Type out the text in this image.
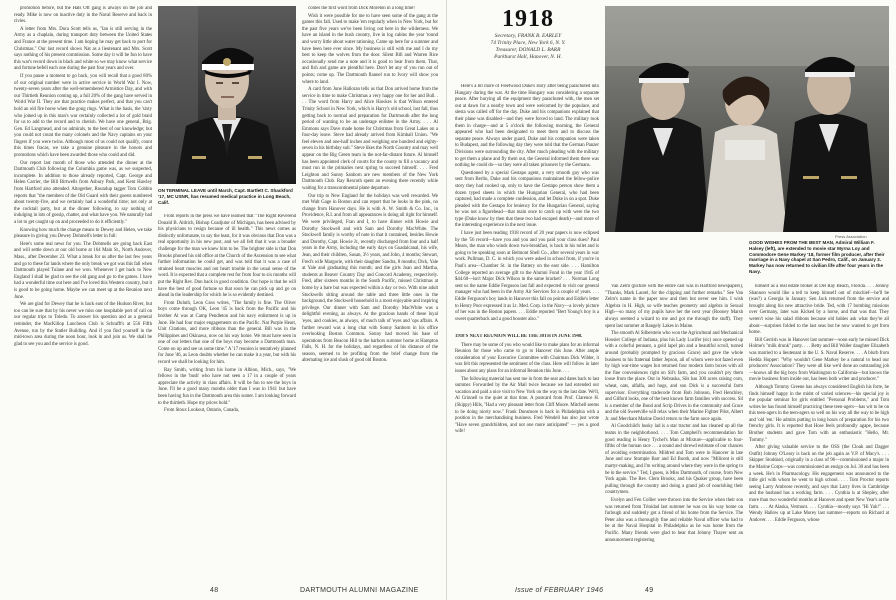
promotion before, but the Hats Off gang is always on the job and ready. Mike is now on inactive duty in the Naval Reserve and back in civies.

A letter from Mrs. Dora Scott tells us, "Ian is still serving in the Army as a chaplain, during transport duty between the United States and France at the present time. I am hoping he may get back to port for Christmas." Our last record shows Nat as a lieutenant and Mrs. Scott says nothing of his present commission. Some day it will be fun to have this war's record down in black and white so we may know what service and fortune befell each one during the past four years and over.

If you pause a moment to go back, you will recall that a good 80% of our original number were in active service in World War I. Now, twenty-seven years after the well-remembered Armistice Day, and with our Thirtieth Reunion coming up, a full 20% of the gang have served in World War II. They are that practice makes perfect, and that you can't hold an old fire horse when the gong rings. What is the basis, the 'sixty who joined up in this man's war certainly collected a lot of gold braid for us to add to the record and to cherish. We have one general, Brig. Gen. Ed Langmead, and no admirals, to the best of our knowledge; but you could not count the many colonels and the Navy captains on your fingers if you were twins. Although most of us could not qualify, count this times fracas, we take a genuine pleasure in the honors and promotions which have been awarded those who could and did.

Our report last month of those who attended the dinner at the Dartmouth Club following the Columbia game was, as we suspected, incomplete. In addition to those already reported, Capt. George and Helen Carrier, the Bill Birtwells from Asbury Park, and Kent Hawley from Hartford also attended. Altogether, Roundup tagger Tom Cobbin reports that "the members of the Old Guard with their guests numbered about twenty-five, and we certainly had a wonderful time; not only at the cocktail party, but at the dinner following, to say nothing of indulging in lots of gossip, chatter, and what have you. We naturally had a lot to get caught up on and proceeded to do it efficiently."

Knowing how much the change means to Dewey and Helen, we take pleasure in giving you Dewey Dohmell's letter in full:

Here's some real news for you. The Dohmells are going back East and will settle down at our old home at 164 Main St., North Andover, Mass., after December 23. What a break for us after the last few years and go to these far lands where the only break we got was this fall when Dartmouth played Tulane and we won. Whenever I get back to New England I shall be glad to see the old gang and go to the games. I have had a wonderful time out here and I've loved this Western country, but it is good to be going home. Maybe we can meet up at the Reunion next June.

We are glad for Dewey that he is back east of the Hudson River, but too can be sure that by his never we miss one hospitable port of call on our regular trips to Toledo. To answer his question and as a general reminder, the MacKillop Luncheon Club is Schrafft's at 556 Fifth Avenue, run by the Statler Building. And if you find yourself in the mid-town area during the noon hour, look in and join us. We shall be glad to see you and the service is good.

ON TERMINAL LEAVE until March, Capt. Bartlett C. Shackford '17, MC USNR, has resumed medical practice in Long Beach, Calif.

From reports in the press we have learned that "The Right Reverend Donald B. Aldrich, Bishop Coadjutor of Michigan, has been advised by his physicians to resign because of ill health." This news comes as distinctly unfortunate, to say the least, for it was obvious that Don was a real opportunity in his new post, and we all felt that it was a broader challenge for the man we knew him to be. The brighter side is that Don Brooks phoned his old office at the Church of the Ascension to see what further information he could get, and was told that it was a case of strained heart muscles and not heart trouble in the usual sense of the word. It is expected that a complete rest for from four to six months will put the Right Rev. Don back in good condition. Our hope is that he will have the best of good fortune so that soon he can pick up and go on ahead in the leadership for which he is so evidently destined.

From Duluth, Leon Goss writes, "The family is fine. The Oliver boys come through OK, Leon '45 is back from the Pacific and his brother Al was at Camp Pendleton and his navy enlistment is up in June. He had four major engagements on the Pacific. Nat Purple Heart, Unit Citations, and more ribbons than the general. Bill was in the Philippines and Okinawa, now on his way home. We must have seen in one of our letters that one of the boys may become a Dartmouth man. Come on up and see us some time." A '17 reunion is tentatively planned for June '46, as Leon doubts whether he can make it a year, but with his record we shall be looking for him.

Ray Smith, writing from his home in Albion, Mich., says, "We fellows in the 'bush' who have not seen a 17 in a couple of years appreciate the activity in class affairs. It will be fun to see the boys in June. I'll be a good many months older than I was in 1941 but have been having fun in the Dartmouth area this sumer. I am looking forward to the thirtieth. Hope my prices hold."

From Stoux Lookout, Ontario, Canada,

comes the first word from Dick Moreton in a long time!

Wish it were possible for me to have seen some of the gang at the games this fall. Used to make 'em regularly when in New York, but for the past five years we've been living out here in the wilderness. We have an island in the bush country, live in log cabins the year 'round and worry little about water rationing. Came up here for a summer and have been here ever since. My business is still with me and I do my best to keep the wolves from the door. Silent Bill and Warren Rice occasionally send me a note and it is good to hear from them. That, and fish and game are plentiful here. Don't let any of you run out of points; come up. The Dartmouth flannel run to Ivory will show you where to land.

A card from June Halloran tells us that Don arrived home from the service in time to make Christmas a very happy one for her and Bull. . . . The word from Harry and Alice Hawkes is that Wilson entered Trinity School in New York, which is Harry's old school, last fall, thus getting back to normal and preparation for Dartmouth after the long period of wanting to be an underage enlistee in the Army. . . . Al Emmons says Dave made home for Christmas from Great Lakes on a four-day leave. Steve had already arrived from Kimball Union. "We feel eleven and one-half inches and weighing one hundred and eighty-seven in his birthday suit." Steve likes the North Country and may well appear on the Big Green team in the not-far-distant future. Al himself has been appointed clerk of courts for the county to fill a vacancy and must run in the primaries next spring to succeed himself. . . . Fred Leighton and Sunny Sanborn are new members of the New York Dartmouth Club. Ray Rexroth spent an evening there recently while waiting for a transcontinental plane departure.

Our trip to New England for the holidays was well rewarded. We met Walt Gage in Boston and can report that he looks in the pink, no change from Hanover days. He is with A. W. Smith & Co. Inc., in Providence, R.I. and from all appearances is doing all right for himself. We were privileged, Fran and I, to have dinner with Howie and Dorothy Stockwell and with Sam and Dorothy MacWhite. The Stockwell family is worthy of note in that it contained, besides Howie and Dorothy, Capt. Howie Jr., recently discharged from four and a half years in the Army, including the early days on Guadalcanal, his wife, Jean, and their children, Susan, 3½ years, and John, 4 months; Stewart, Fred's wife Margorie, with their daughter Sandra, 8 months; Dick, Yale at Yale and graduating this month; and the girls Joan and Martha, students at Beaver Country Day and Concord Academy, respectively. Fred, after sixteen months in the South Pacific, missed Christmas at home by a bare but was expected within a day or two. With nine adult Stockwells sitting around the table and three little ones in the background, the Stockwell household is a most enjoyable and inspiring privilege. Our dinner with Sam and Dorothy MacWhite was a delightful evening, as always. At the gracious hands of these loyal 'eyes, and cookies, as always, of much talk of 'eyes and 'ops affairs. A further reward was a long chat with Sonny Sanborn in his office overlooking Boston Common. Sonny had moved his base of operations from Beacon Hill to the harbors summer home at Hampton Falls, N. H. for the holidays, and regardless of his distance of the season, seemed to be profiting from the brief change from the alternating ice and slush of good old Boston.

48	DARTMOUTH ALUMNI MAGAZINE
1918
Secretary, FRANK B. EARLEY
74 Trinity Place, New York 6, N. Y.
Treasurer, DONALD L. BARR
Parkhurst Hall, Hanover, N. H.

Here's a bit more of Fleetwood Duke's story after being parachuted into Hungary during the war. At the time Hungary was considering a separate peace. After burying all the equipment they parachuted with, the men set out at dawn for a nearby town and were welcomed by the populace, and siesta was called off for the day. Duke and his companions explained that their plane was disabled—and they were forced to land. The military took them in charge—and at 5 o'clock the following morning, the General appeared who had been designated to meet them and to discuss the separate peace. Always under guard, Duke and his companion were taken to Budapest, and the following day they were told that the German Panzer Divisions were surrounding the city. After much pleading with the military to get them a plane and fly them out, the General informed them there was nothing he could do—so they were all taken prisoners by the Germans.

Questioned by a special Gestapo agent, a very smooth guy who was sent from Berlin, Duke and his companions maintained the fellow-police story they had cooked up, only to have the Gestapo person show them a dozen typed sheets in which the Hungarian General, who had been captured, had made a complete confession, and let Duke in on a spot. Duke pleaded with the Gestapo for leniency for the Hungarian General, saying he was not a figurehead—that main once to catch up with were the two type (Duke know by then that these two had escaped death)—and more of the interesting experience in the next issue.

I have just been reading 1918 record of 20 year papers is now eclipsed by the '56 record—have you and you and you paid your class dues? Paul Mears, the man who winds down two-breakfast, is back in his toilet and is going to be speaking soon at Belmont Shell Co., after several years in war work. Pullman, D. C. in which you were asked in school from, if you're in Paul's area—Chamber St. in the Battery on the east side. . . . Hamilton College reported an average gift to the Alumni Fund in the year 1945 of $44.60—isn't Major Dick Wilson in the same bracket? . . . Norman Long sent us the name Eddie Ferguson last fall and expected to visit our general manager who had been in the Army Air Services for a couple of years. . . . Eddie Ferguson's boy lands in Hanover this fall on points and Eddie's letter to Henry Poor expressed it as Lt. Med. Corp. in the Navy—a lovely picture of her was in the Boston papers. . . . Eddie reported "Bert Young's boy is a sweet quarterback and a good booster also."

1918'S NEXT REUNION WILL BE THE 30TH IN JUNE 1948.

There may be some of you who would like to make plans for an informal Reunion for those who came to go to Hanover this June. After ample consideration of your Executive Committee with Chairman Dick Wilder, it was felt this represented the sentiment of the class. Here will follow in later issues about any plans for an informal Reunion this June. . . .

The following material has sent me in from the seat and dates back to last summer. Forwarded by the Air Mail twice because we had extended our vacation and paid a nice visit to New York on the way to the last date. We'll, Al Grinnell to the quiet at that time. A postcard from Prof. Clarence H. (Skippy) Hills, "Had a very pleasant letter from Cliff Moore. Mitchell seems to be doing nicely now." Frank Dunsmore is back in Philadelphia with a position in the merchandising business. Fred Wendell has also just wrote "Have seven grandchildren, and not one more anticipated" — yes a good wife!

Press Association
GOOD WISHES FROM THE BEST MAN, Admiral William F. Halsey (left), are extended to movie star Myrna Loy and Commodore Gene Markey '18, former film producer, after their marriage in a Navy chapel at San Pedro, Calif., on January 3. Markey has now returned to civilian life after four years in the Navy.

Van Zelm (picture with the entire cast was in Hartford newspapers), "Thanks, Mark Laurel, for the clipping and further remarks." See Van Zelm's name in the paper now and then but never see him. I wish Algebra in H. High, so wife teaches geometry and algebra in Sexual High—so many of my pupils have her the next year (Rooney Marsh always seemed a wizard to me and got me through the stuff). They spent last summer at Rangely Lakes in Maine.

The smooth Al Silberstein who won the Agricultural and Mechanical Hoosier College of Indiana, plus his Lady Lucifer (sic) once opened up with a colorful pennant, a gold lapel pin and a beautiful scroll, turned around (probably prompted by gracious Grace) and gave the whole business to his fraternal father Jepson, all of whom were not fazed even by high war-time wages but returned four modern farm boxes with all the fine conveniences right on Sil's farm, and you couldn't pry them loose from the place. Out in Nebraska, Sils has 300 acres raising corn, wheat, oats, alfalfa, and hogs, and son Dick is a successful farm supervisor. Everything tradecode from Bob Johnson, Fred Henchley, and Gilford looks, one of the best known farm families with success. Sil is a member of the Bond and Scrip Drives in the community and Grace and the old Sweetville will relax when their Marine Fighter Pilot, Albert Jr. and Merchant Marine David return to the farm once again.

Al Goodchild's husky lad is a star tractor and has cleaned up all the teams in the neighborhood. . . . Tom Campbell's recommendation for good reading is Henry Tychel's Man at Mixture—applicable to four-fifths of the human race . . . a sound and shrewd estimate of our chances of avoiding extermination. Mildred and Tom were in Hanover in late June and saw Stumpie Barr and Ed Booth, and now "Milicent is still martyr-making, and I'm writing around where they were in the spring to be in the service." Ted, I guess, is Miss Dartmouth, of course, from New York again. The Rev. Clem Brooks, and his Quaker group, have been pulling through the country and doing a grand job of nourishing their countrymen.

Evelyn and Fen Collier were thrown into the Service when their son was returned from Trinidad last summer he was on his way home on furlough and suddenly got a friend of his home from the Service. The Peter also was a thoroughly fine and reliable Naval officer who had to be at the Naval Hospital in Philadelphia as he was home from the Pacific. Many friends were glad to hear that Johnny Thayer sent an announcement registering

himself as a real estate broker at Del Ray Beach, Florida. . . . Johnny Shannon would like a tell to keep himself out of mischief—he'll be (was?) a Georgia in January. Sen Jack returned from the service and brought along his new attractive bride. Ted, with 17 bombing missions over Germany, later was Kicked by a horse, and that was that. They weren't wise his salad ribbons because old babies ask what they're all about—surprises folded to the last seas but he now wanted to get from home.

Bill Gerrish was in Hanover last summer—soon early he missed Dick Holme's "milk drunk" party. . . . Betty and Bill Waller daughter Elizabeth was married to a lieutenant in the U. S. Naval Reserve. . . . A blurb from Hedda Hopper: "Why wouldn't Gene Markey be a natural to head our producers' Association? They were all like we'd done an outstanding job—knows all the big boys from Washington to California—but knows the movie business from inside out, has been both writer and producer."

Although Tommy Greene has always considered English his forte, he finds himself happy in the midst of varied sciences—his special joy is the popular seminar for girls entitled "Personal Problems," and Tom writes he has found himself practicing these teen-agers—has wit to be on this teen-agers in the teen-agers so well on his way all the way to be high and 'old 'em.' He admits putting in long hours of preparation for his two frenchy girls. It is reported that Hose feels profoundly agape, because Brother students and gave Tom with an enthusiastic "Hello, Mr. Tommy."

After giving valuable service to the OSS (the Cloak and Dagger Outfit) Johnny O'Leary is back on the job again as V.P. of Macy's. . . . Skipper Stoddard, originally in a class of 96—commissioned a major in the Marine Corps—was commissioned an ensign on Jul. 30 and has been a week. He's in Pharmacology. His engagement was announced to the little girl with whom he went to high school. . . . Tom Proctor reports seeing Larry Ambrose recently, and says that Larry lives in Cambridge and the husband has a working farm. . . . Cynthia is at Shepley, after more than two wonderful months at Hanover and spent New Year's at the farm. . . . At Alaska, Vermont. . . . Cynthia—mostly says "Hi Yah!" . . . Wendy Hallow up at Lake Morey last summer—reports on Richard at Andover. . . . Eddie Ferguson, whose

Issue of FEBRUARY 1946	49
